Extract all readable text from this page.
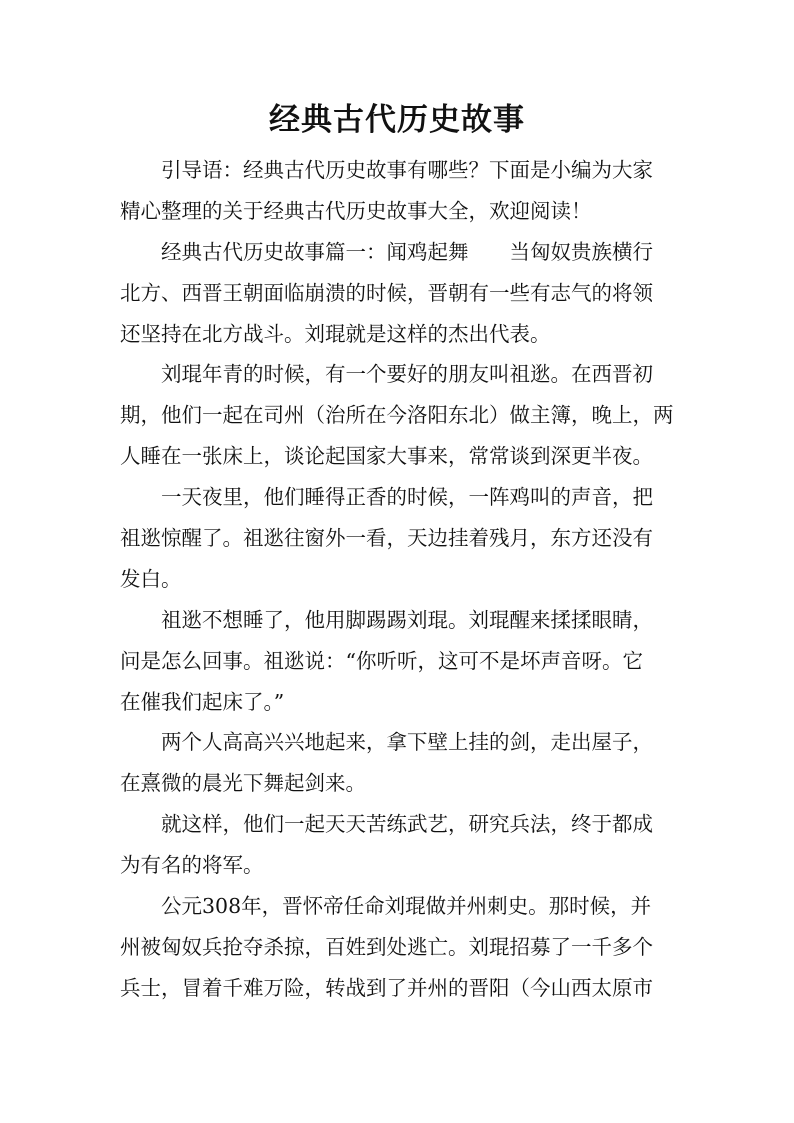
经典古代历史故事
引导语：经典古代历史故事有哪些？下面是小编为大家
精心整理的关于经典古代历史故事大全，欢迎阅读！
经典古代历史故事篇一：闻鸡起舞　　当匈奴贵族横行
北方、西晋王朝面临崩溃的时候，晋朝有一些有志气的将领
还坚持在北方战斗。刘琨就是这样的杰出代表。
刘琨年青的时候，有一个要好的朋友叫祖逖。在西晋初
期，他们一起在司州（治所在今洛阳东北）做主簿，晚上，两
人睡在一张床上，谈论起国家大事来，常常谈到深更半夜。
一天夜里，他们睡得正香的时候，一阵鸡叫的声音，把
祖逖惊醒了。祖逖往窗外一看，天边挂着残月，东方还没有
发白。
祖逖不想睡了，他用脚踢踢刘琨。刘琨醒来揉揉眼睛，
问是怎么回事。祖逖说：“你听听，这可不是坏声音呀。它
在催我们起床了。”
两个人高高兴兴地起来，拿下壁上挂的剑，走出屋子，
在熹微的晨光下舞起剑来。
就这样，他们一起天天苦练武艺，研究兵法，终于都成
为有名的将军。
公元308年，晋怀帝任命刘琨做并州刺史。那时候，并
州被匈奴兵抢夺杀掠，百姓到处逃亡。刘琨招募了一千多个
兵士，冒着千难万险，转战到了并州的晋阳（今山西太原市
